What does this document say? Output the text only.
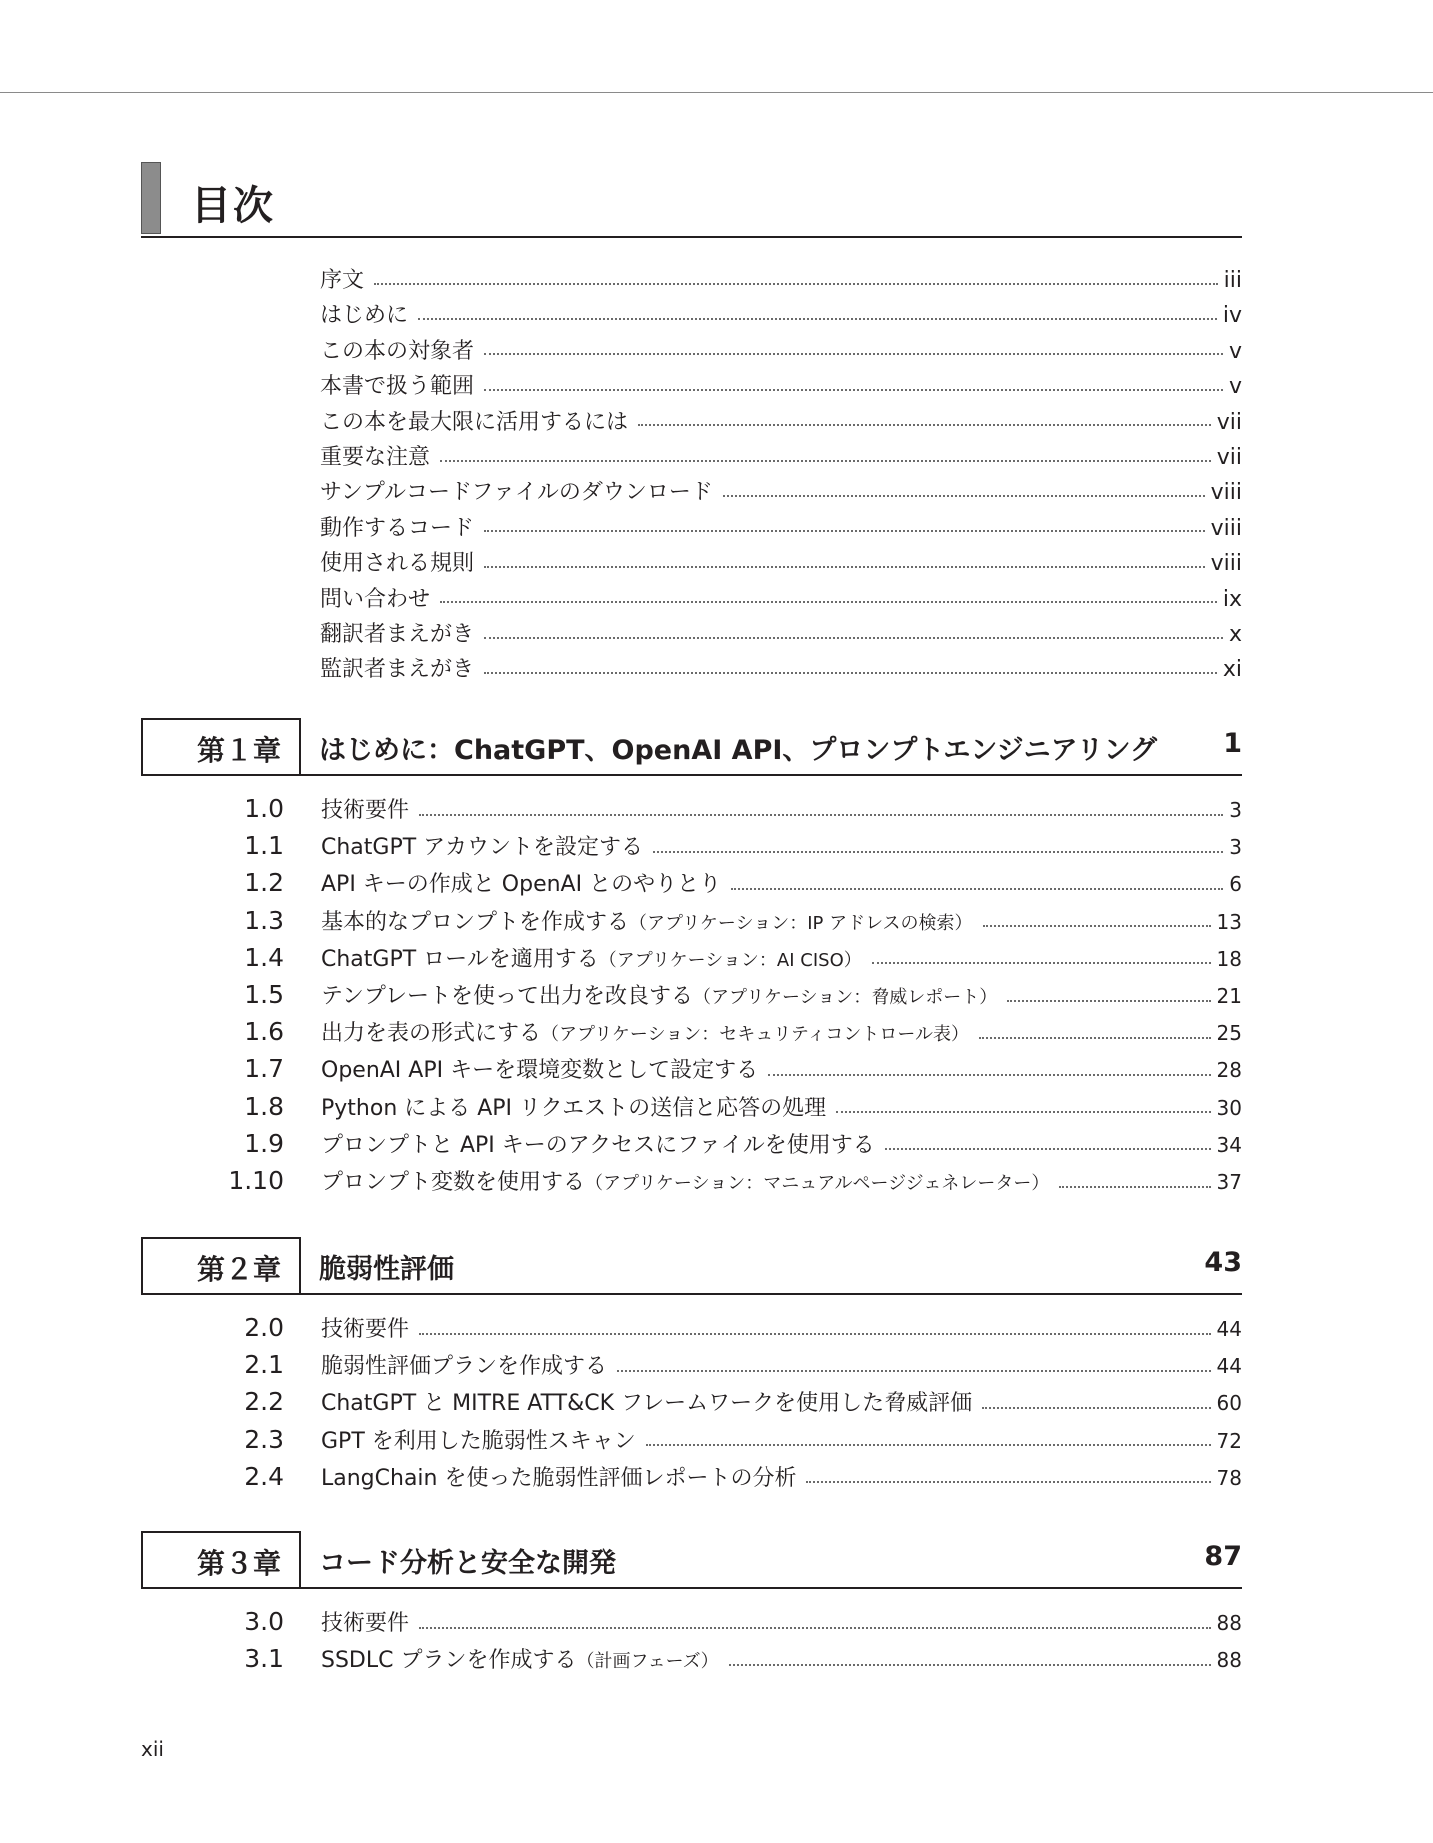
目次
序文	iii
はじめに	iv
この本の対象者	v
本書で扱う範囲	v
この本を最大限に活用するには	vii
重要な注意	vii
サンプルコードファイルのダウンロード	viii
動作するコード	viii
使用される規則	viii
問い合わせ	ix
翻訳者まえがき	x
監訳者まえがき	xi
第１章 はじめに：ChatGPT、OpenAI API、プロンプトエンジニアリング 1
1.0 技術要件	3
1.1 ChatGPT アカウントを設定する	3
1.2 API キーの作成と OpenAI とのやりとり	6
1.3 基本的なプロンプトを作成する（アプリケーション：IP アドレスの検索）	13
1.4 ChatGPT ロールを適用する（アプリケーション：AI CISO）	18
1.5 テンプレートを使って出力を改良する（アプリケーション：脅威レポート）	21
1.6 出力を表の形式にする（アプリケーション：セキュリティコントロール表）	25
1.7 OpenAI API キーを環境変数として設定する	28
1.8 Python による API リクエストの送信と応答の処理	30
1.9 プロンプトと API キーのアクセスにファイルを使用する	34
1.10 プロンプト変数を使用する（アプリケーション：マニュアルページジェネレーター）	37
第２章 脆弱性評価	43
2.0 技術要件	44
2.1 脆弱性評価プランを作成する	44
2.2 ChatGPT と MITRE ATT&CK フレームワークを使用した脅威評価	60
2.3 GPT を利用した脆弱性スキャン	72
2.4 LangChain を使った脆弱性評価レポートの分析	78
第３章 コード分析と安全な開発	87
3.0 技術要件	88
3.1 SSDLC プランを作成する（計画フェーズ）	88
xii
